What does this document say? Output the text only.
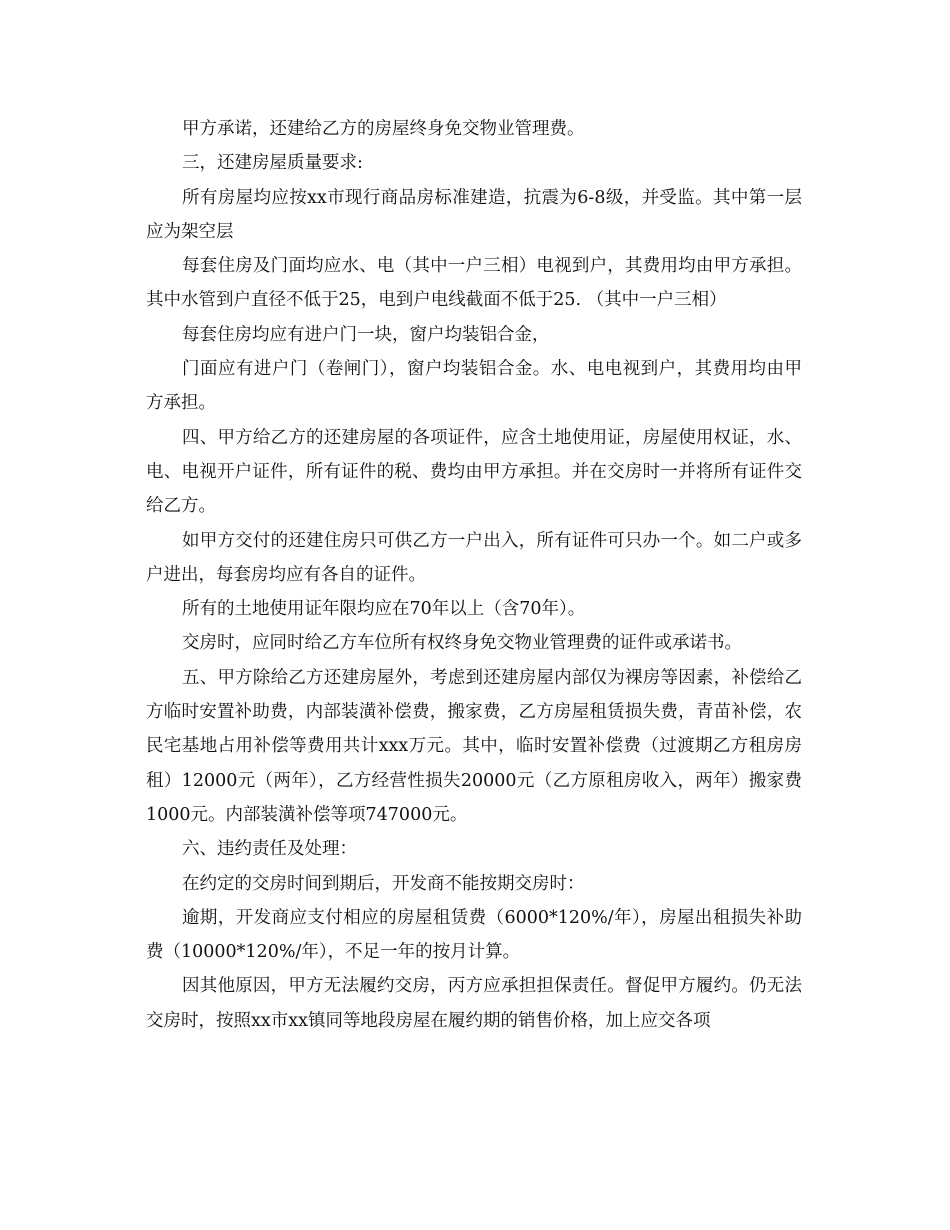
甲方承诺，还建给乙方的房屋终身免交物业管理费。

三，还建房屋质量要求:

所有房屋均应按xx市现行商品房标准建造，抗震为6-8级，并受监。其中第一层应为架空层

每套住房及门面均应水、电（其中一户三相）电视到户，其费用均由甲方承担。其中水管到户直径不低于25，电到户电线截面不低于25. （其中一户三相）

每套住房均应有进户门一块，窗户均装铝合金，

门面应有进户门（卷闸门），窗户均装铝合金。水、电电视到户，其费用均由甲方承担。

四、甲方给乙方的还建房屋的各项证件，应含土地使用证，房屋使用权证，水、电、电视开户证件，所有证件的税、费均由甲方承担。并在交房时一并将所有证件交给乙方。

如甲方交付的还建住房只可供乙方一户出入，所有证件可只办一个。如二户或多户进出，每套房均应有各自的证件。

所有的土地使用证年限均应在70年以上（含70年）。

交房时，应同时给乙方车位所有权终身免交物业管理费的证件或承诺书。

五、甲方除给乙方还建房屋外，考虑到还建房屋内部仅为裸房等因素，补偿给乙方临时安置补助费，内部装潢补偿费，搬家费，乙方房屋租赁损失费，青苗补偿，农民宅基地占用补偿等费用共计xxx万元。其中，临时安置补偿费（过渡期乙方租房房租）12000元（两年），乙方经营性损失20000元（乙方原租房收入，两年）搬家费1000元。内部装潢补偿等项747000元。

六、违约责任及处理：

在约定的交房时间到期后，开发商不能按期交房时：

逾期，开发商应支付相应的房屋租赁费（6000*120%/年），房屋出租损失补助费（10000*120%/年），不足一年的按月计算。

因其他原因，甲方无法履约交房，丙方应承担担保责任。督促甲方履约。仍无法交房时，按照xx市xx镇同等地段房屋在履约期的销售价格，加上应交各项
